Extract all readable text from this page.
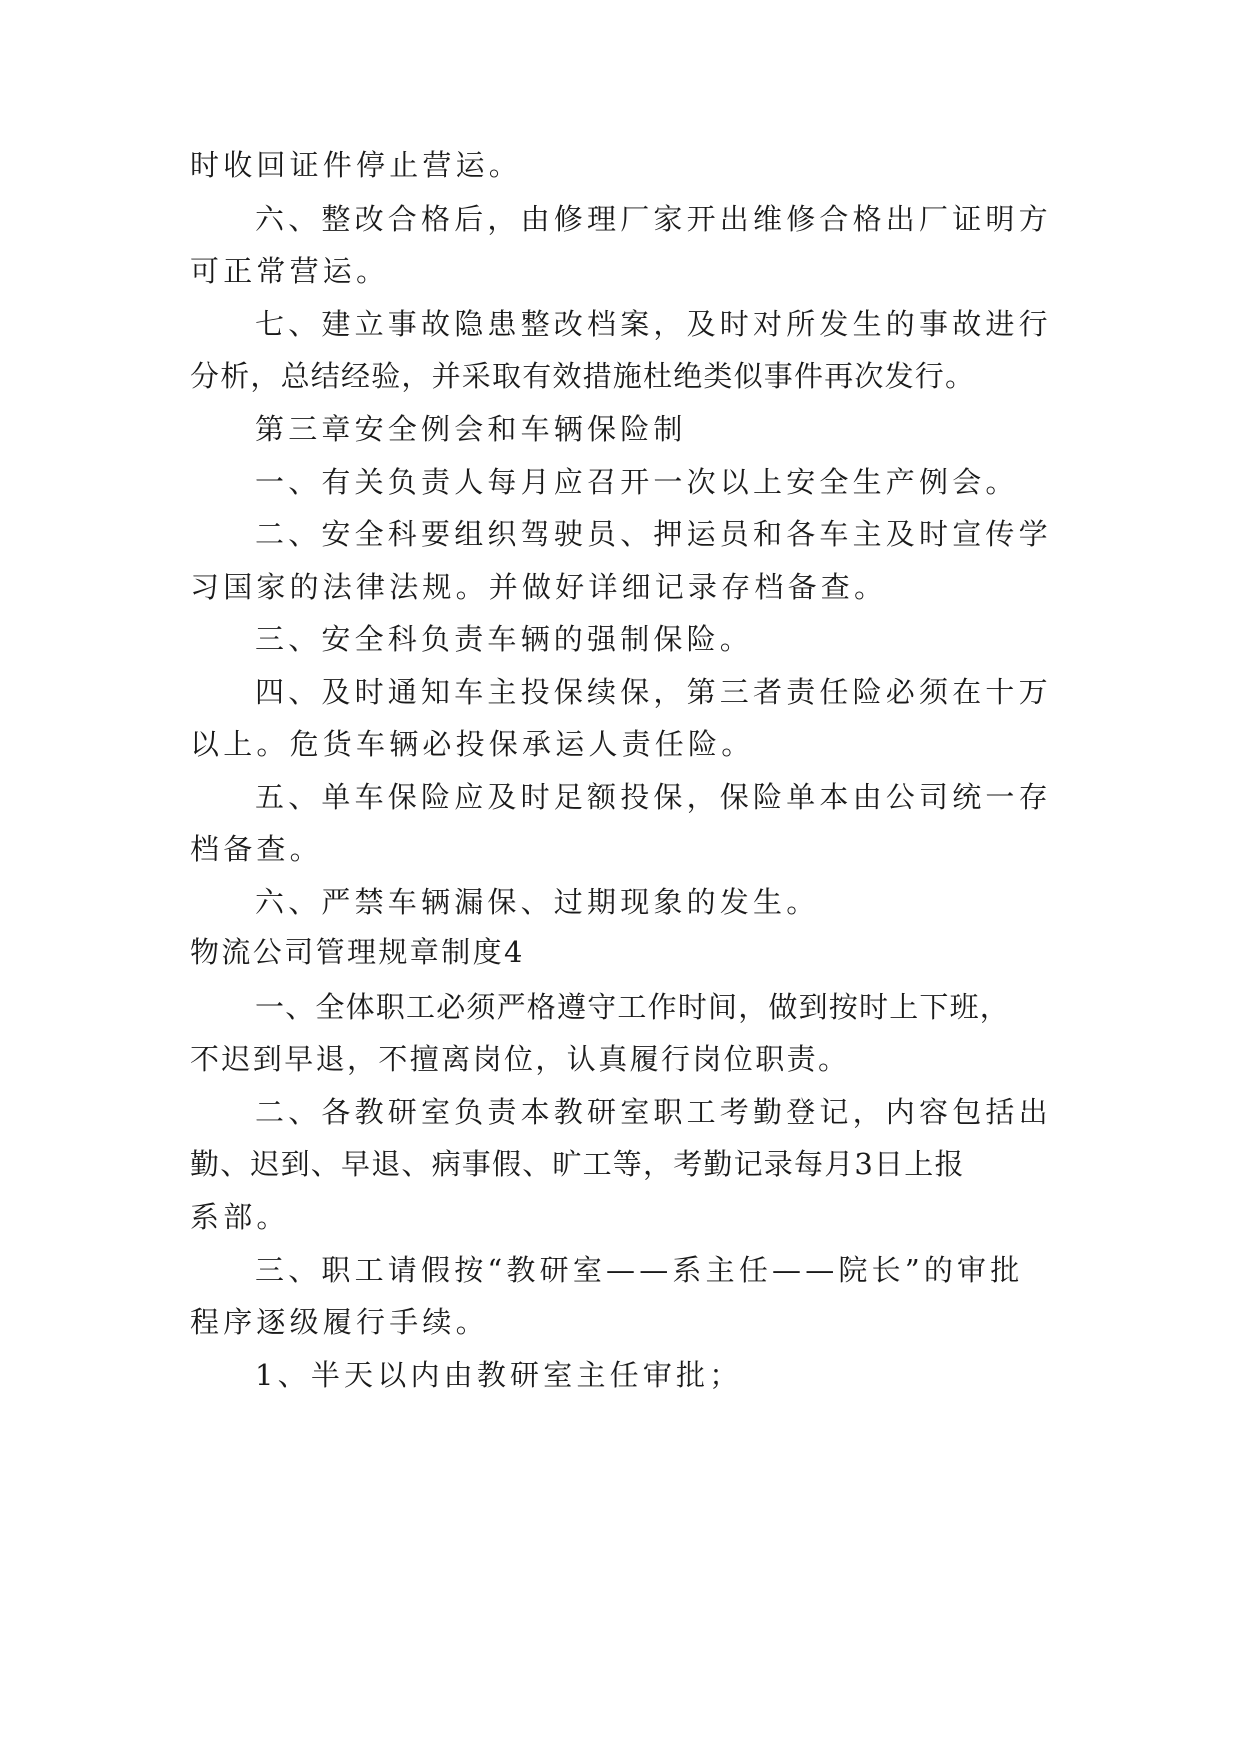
时收回证件停止营运。
六、整改合格后，由修理厂家开出维修合格出厂证明方
可正常营运。
七、建立事故隐患整改档案，及时对所发生的事故进行
分析，总结经验，并采取有效措施杜绝类似事件再次发行。
第三章安全例会和车辆保险制
一、有关负责人每月应召开一次以上安全生产例会。
二、安全科要组织驾驶员、押运员和各车主及时宣传学
习国家的法律法规。并做好详细记录存档备查。
三、安全科负责车辆的强制保险。
四、及时通知车主投保续保，第三者责任险必须在十万
以上。危货车辆必投保承运人责任险。
五、单车保险应及时足额投保，保险单本由公司统一存
档备查。
六、严禁车辆漏保、过期现象的发生。
物流公司管理规章制度4
一、全体职工必须严格遵守工作时间，做到按时上下班，
不迟到早退，不擅离岗位，认真履行岗位职责。
二、各教研室负责本教研室职工考勤登记，内容包括出
勤、迟到、早退、病事假、旷工等，考勤记录每月3日上报
系部。
三、职工请假按“教研室——系主任——院长”的审批
程序逐级履行手续。
1、半天以内由教研室主任审批；
